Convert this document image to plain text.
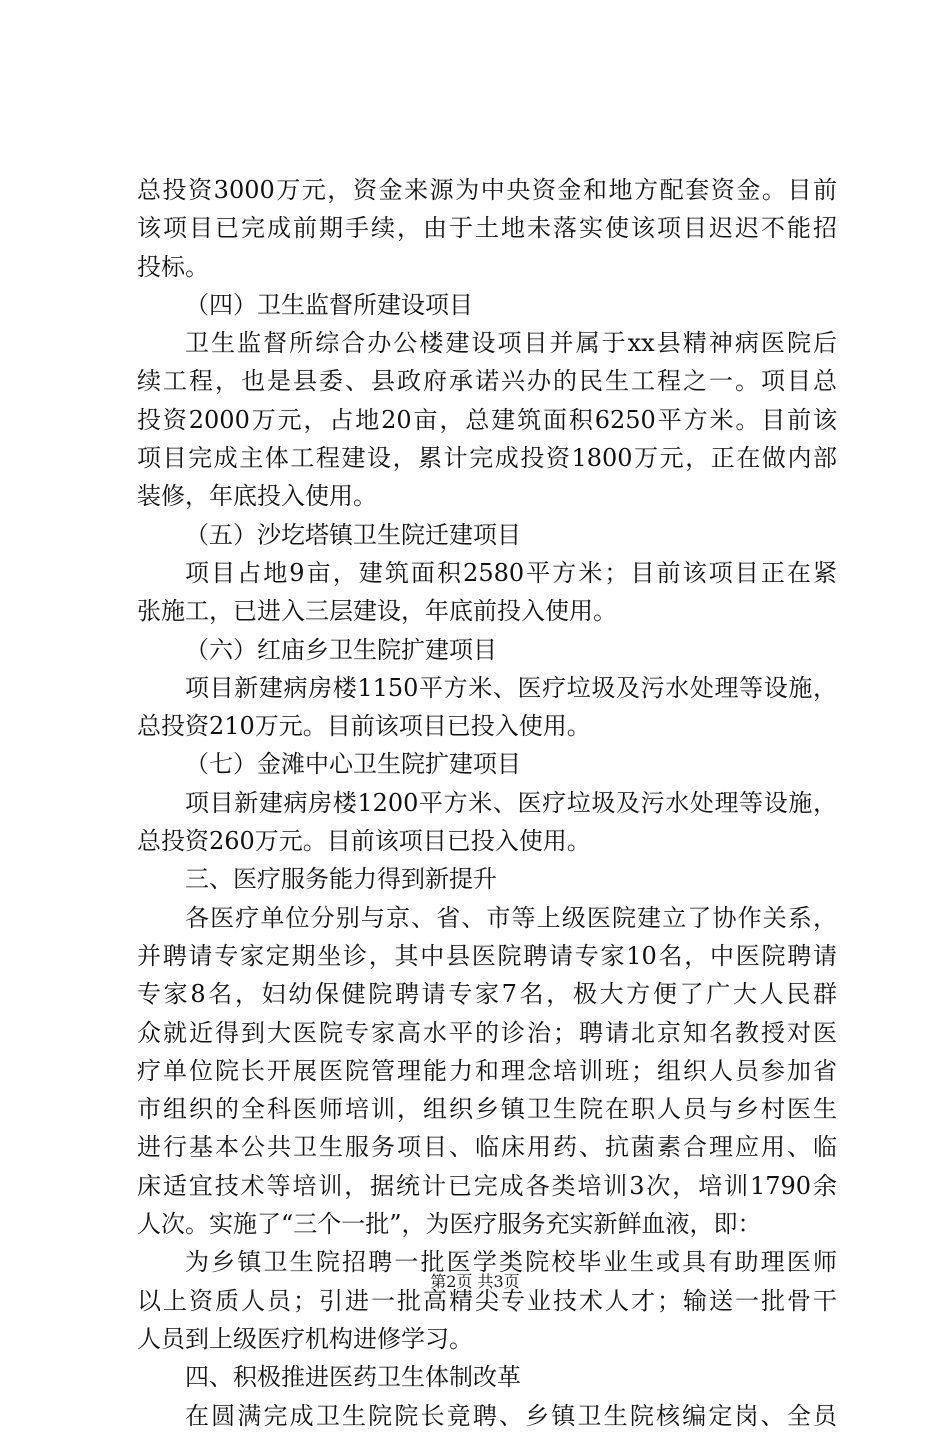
总投资3000万元，资金来源为中央资金和地方配套资金。目前
该项目已完成前期手续，由于土地未落实使该项目迟迟不能招
投标。
（四）卫生监督所建设项目
卫生监督所综合办公楼建设项目并属于xx县精神病医院后
续工程，也是县委、县政府承诺兴办的民生工程之一。项目总
投资2000万元，占地20亩，总建筑面积6250平方米。目前该
项目完成主体工程建设，累计完成投资1800万元，正在做内部
装修，年底投入使用。
（五）沙圪塔镇卫生院迁建项目
项目占地9亩，建筑面积2580平方米；目前该项目正在紧
张施工，已进入三层建设，年底前投入使用。
（六）红庙乡卫生院扩建项目
项目新建病房楼1150平方米、医疗垃圾及污水处理等设施，
总投资210万元。目前该项目已投入使用。
（七）金滩中心卫生院扩建项目
项目新建病房楼1200平方米、医疗垃圾及污水处理等设施，
总投资260万元。目前该项目已投入使用。
三、医疗服务能力得到新提升
各医疗单位分别与京、省、市等上级医院建立了协作关系，
并聘请专家定期坐诊，其中县医院聘请专家10名，中医院聘请
专家8名，妇幼保健院聘请专家7名，极大方便了广大人民群
众就近得到大医院专家高水平的诊治；聘请北京知名教授对医
疗单位院长开展医院管理能力和理念培训班；组织人员参加省
市组织的全科医师培训，组织乡镇卫生院在职人员与乡村医生
进行基本公共卫生服务项目、临床用药、抗菌素合理应用、临
床适宜技术等培训，据统计已完成各类培训3次，培训1790余
人次。实施了“三个一批”，为医疗服务充实新鲜血液，即：
为乡镇卫生院招聘一批医学类院校毕业生或具有助理医师
以上资质人员；引进一批高精尖专业技术人才；输送一批骨干
人员到上级医疗机构进修学习。
四、积极推进医药卫生体制改革
在圆满完成卫生院院长竟聘、乡镇卫生院核编定岗、全员
第2页 共3页
